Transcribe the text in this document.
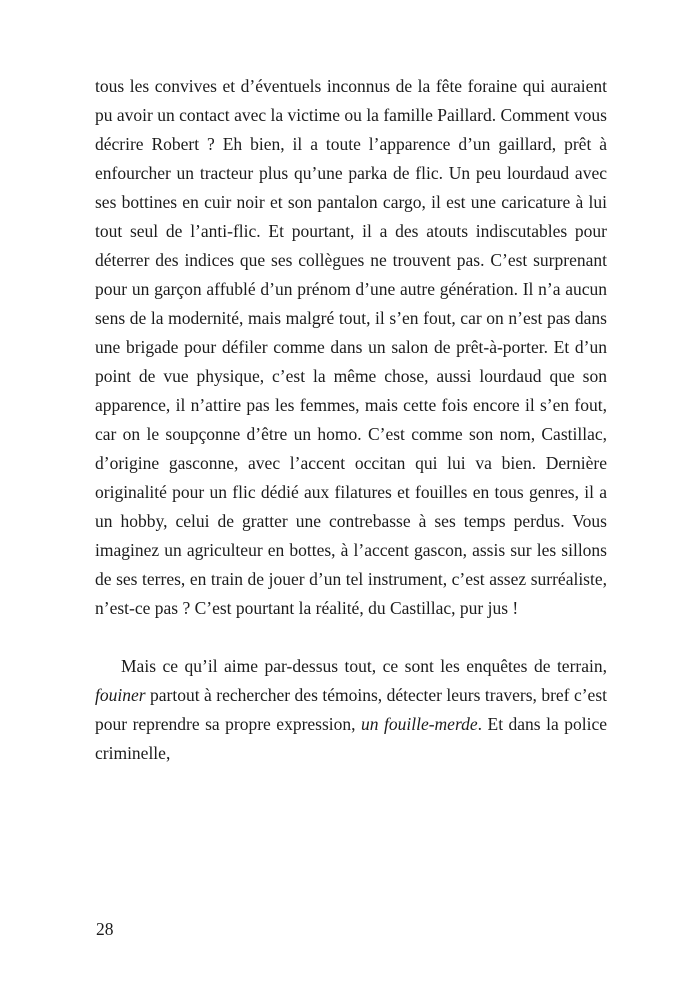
tous les convives et d’éventuels inconnus de la fête foraine qui auraient pu avoir un contact avec la victime ou la famille Paillard. Comment vous décrire Robert ? Eh bien, il a toute l’apparence d’un gaillard, prêt à enfourcher un tracteur plus qu’une parka de flic. Un peu lourdaud avec ses bottines en cuir noir et son pantalon cargo, il est une caricature à lui tout seul de l’anti-flic. Et pourtant, il a des atouts indiscutables pour déterrer des indices que ses collègues ne trouvent pas. C’est surprenant pour un garçon affublé d’un prénom d’une autre génération. Il n’a aucun sens de la modernité, mais malgré tout, il s’en fout, car on n’est pas dans une brigade pour défiler comme dans un salon de prêt-à-porter. Et d’un point de vue physique, c’est la même chose, aussi lourdaud que son apparence, il n’attire pas les femmes, mais cette fois encore il s’en fout, car on le soupçonne d’être un homo. C’est comme son nom, Castillac, d’origine gasconne, avec l’accent occitan qui lui va bien. Dernière originalité pour un flic dédié aux filatures et fouilles en tous genres, il a un hobby, celui de gratter une contrebasse à ses temps perdus. Vous imaginez un agriculteur en bottes, à l’accent gascon, assis sur les sillons de ses terres, en train de jouer d’un tel instrument, c’est assez surréaliste, n’est-ce pas ? C’est pourtant la réalité, du Castillac, pur jus !

Mais ce qu’il aime par-dessus tout, ce sont les enquêtes de terrain, fouiner partout à rechercher des témoins, détecter leurs travers, bref c’est pour reprendre sa propre expression, un fouille-merde. Et dans la police criminelle,

28
